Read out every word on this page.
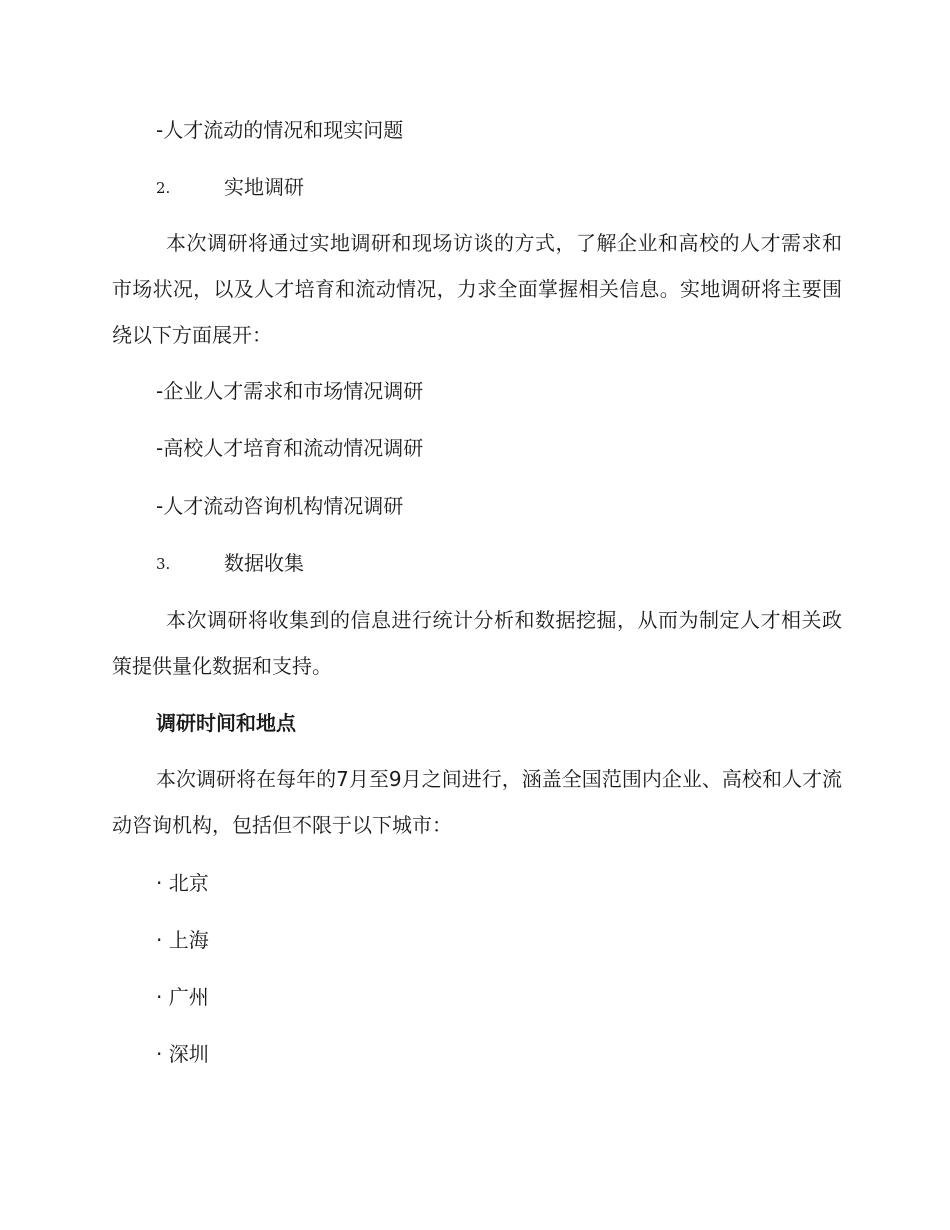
-人才流动的情况和现实问题
2.	实地调研
本次调研将通过实地调研和现场访谈的方式，了解企业和高校的人才需求和市场状况，以及人才培育和流动情况，力求全面掌握相关信息。实地调研将主要围绕以下方面展开：
-企业人才需求和市场情况调研
-高校人才培育和流动情况调研
-人才流动咨询机构情况调研
3.	数据收集
本次调研将收集到的信息进行统计分析和数据挖掘，从而为制定人才相关政策提供量化数据和支持。
调研时间和地点
本次调研将在每年的7月至9月之间进行，涵盖全国范围内企业、高校和人才流动咨询机构，包括但不限于以下城市：
· 北京
· 上海
· 广州
· 深圳
